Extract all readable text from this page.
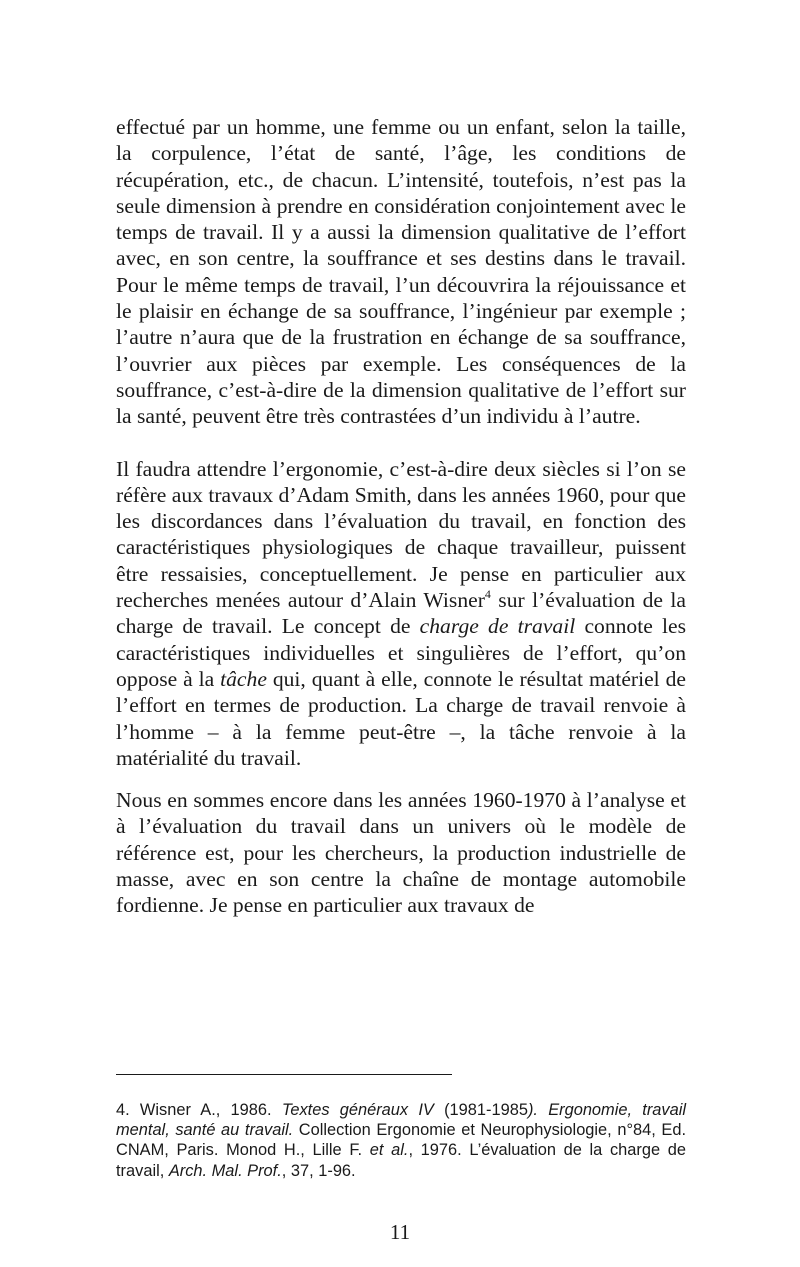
effectué par un homme, une femme ou un enfant, selon la taille, la corpulence, l’état de santé, l’âge, les conditions de récupération, etc., de chacun. L’intensité, toutefois, n’est pas la seule dimension à prendre en considération conjointement avec le temps de travail. Il y a aussi la dimension qualitative de l’effort avec, en son centre, la souffrance et ses destins dans le travail. Pour le même temps de travail, l’un découvrira la réjouissance et le plaisir en échange de sa souffrance, l’ingénieur par exemple ; l’autre n’aura que de la frustration en échange de sa souffrance, l’ouvrier aux pièces par exemple. Les conséquences de la souffrance, c’est-à-dire de la dimension qualitative de l’effort sur la santé, peuvent être très contrastées d’un individu à l’autre.

Il faudra attendre l’ergonomie, c’est-à-dire deux siècles si l’on se réfère aux travaux d’Adam Smith, dans les années 1960, pour que les discordances dans l’évaluation du travail, en fonction des caractéristiques physiologiques de chaque travailleur, puissent être ressaisies, conceptuellement. Je pense en particulier aux recherches menées autour d’Alain Wisner$^4$ sur l’évaluation de la charge de travail. Le concept de charge de travail connote les caractéristiques individuelles et singulières de l’effort, qu’on oppose à la tâche qui, quant à elle, connote le résultat matériel de l’effort en termes de production. La charge de travail renvoie à l’homme – à la femme peut-être –, la tâche renvoie à la matérialité du travail.

Nous en sommes encore dans les années 1960-1970 à l’analyse et à l’évaluation du travail dans un univers où le modèle de référence est, pour les chercheurs, la production industrielle de masse, avec en son centre la chaîne de montage automobile fordienne. Je pense en particulier aux travaux de

4. Wisner A., 1986. Textes généraux IV (1981-1985). Ergonomie, travail mental, santé au travail. Collection Ergonomie et Neurophysiologie, n°84, Ed. CNAM, Paris. Monod H., Lille F. et al., 1976. L’évaluation de la charge de travail, Arch. Mal. Prof., 37, 1-96.

11
